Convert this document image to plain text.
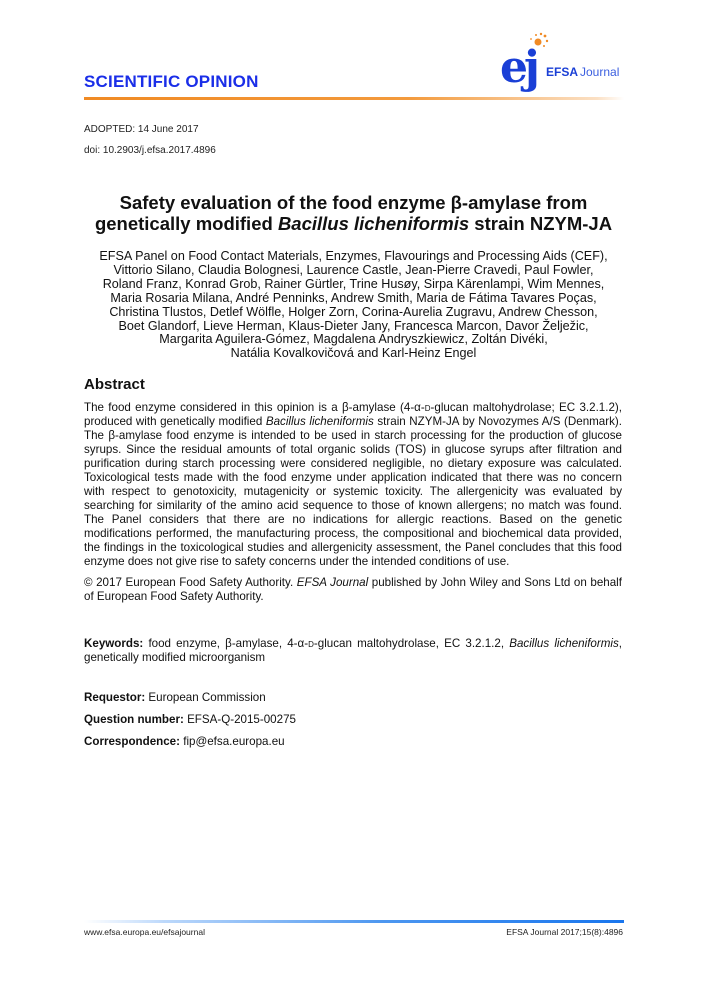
SCIENTIFIC OPINION	ej EFSA Journal
ADOPTED: 14 June 2017
doi: 10.2903/j.efsa.2017.4896
Safety evaluation of the food enzyme β-amylase from
genetically modified Bacillus licheniformis strain NZYM-JA
EFSA Panel on Food Contact Materials, Enzymes, Flavourings and Processing Aids (CEF),
Vittorio Silano, Claudia Bolognesi, Laurence Castle, Jean-Pierre Cravedi, Paul Fowler,
Roland Franz, Konrad Grob, Rainer Gürtler, Trine Husøy, Sirpa Kärenlampi, Wim Mennes,
Maria Rosaria Milana, André Penninks, Andrew Smith, Maria de Fátima Tavares Poças,
Christina Tlustos, Detlef Wölfle, Holger Zorn, Corina-Aurelia Zugravu, Andrew Chesson,
Boet Glandorf, Lieve Herman, Klaus-Dieter Jany, Francesca Marcon, Davor Želježic,
Margarita Aguilera-Gómez, Magdalena Andryszkiewicz, Zoltán Divéki,
Natália Kovalkovičová and Karl-Heinz Engel
Abstract
The food enzyme considered in this opinion is a β-amylase (4-α-d-glucan maltohydrolase; EC 3.2.1.2),
produced with genetically modified Bacillus licheniformis strain NZYM-JA by Novozymes A/S (Denmark).
The β-amylase food enzyme is intended to be used in starch processing for the production of glucose
syrups. Since the residual amounts of total organic solids (TOS) in glucose syrups after filtration and
purification during starch processing were considered negligible, no dietary exposure was calculated.
Toxicological tests made with the food enzyme under application indicated that there was no concern
with respect to genotoxicity, mutagenicity or systemic toxicity. The allergenicity was evaluated by
searching for similarity of the amino acid sequence to those of known allergens; no match was found.
The Panel considers that there are no indications for allergic reactions. Based on the genetic
modifications performed, the manufacturing process, the compositional and biochemical data provided,
the findings in the toxicological studies and allergenicity assessment, the Panel concludes that this food
enzyme does not give rise to safety concerns under the intended conditions of use.
© 2017 European Food Safety Authority. EFSA Journal published by John Wiley and Sons Ltd on behalf
of European Food Safety Authority.
Keywords: food enzyme, β-amylase, 4-α-d-glucan maltohydrolase, EC 3.2.1.2, Bacillus licheniformis,
genetically modified microorganism
Requestor: European Commission
Question number: EFSA-Q-2015-00275
Correspondence: fip@efsa.europa.eu
www.efsa.europa.eu/efsajournal	EFSA Journal 2017;15(8):4896
